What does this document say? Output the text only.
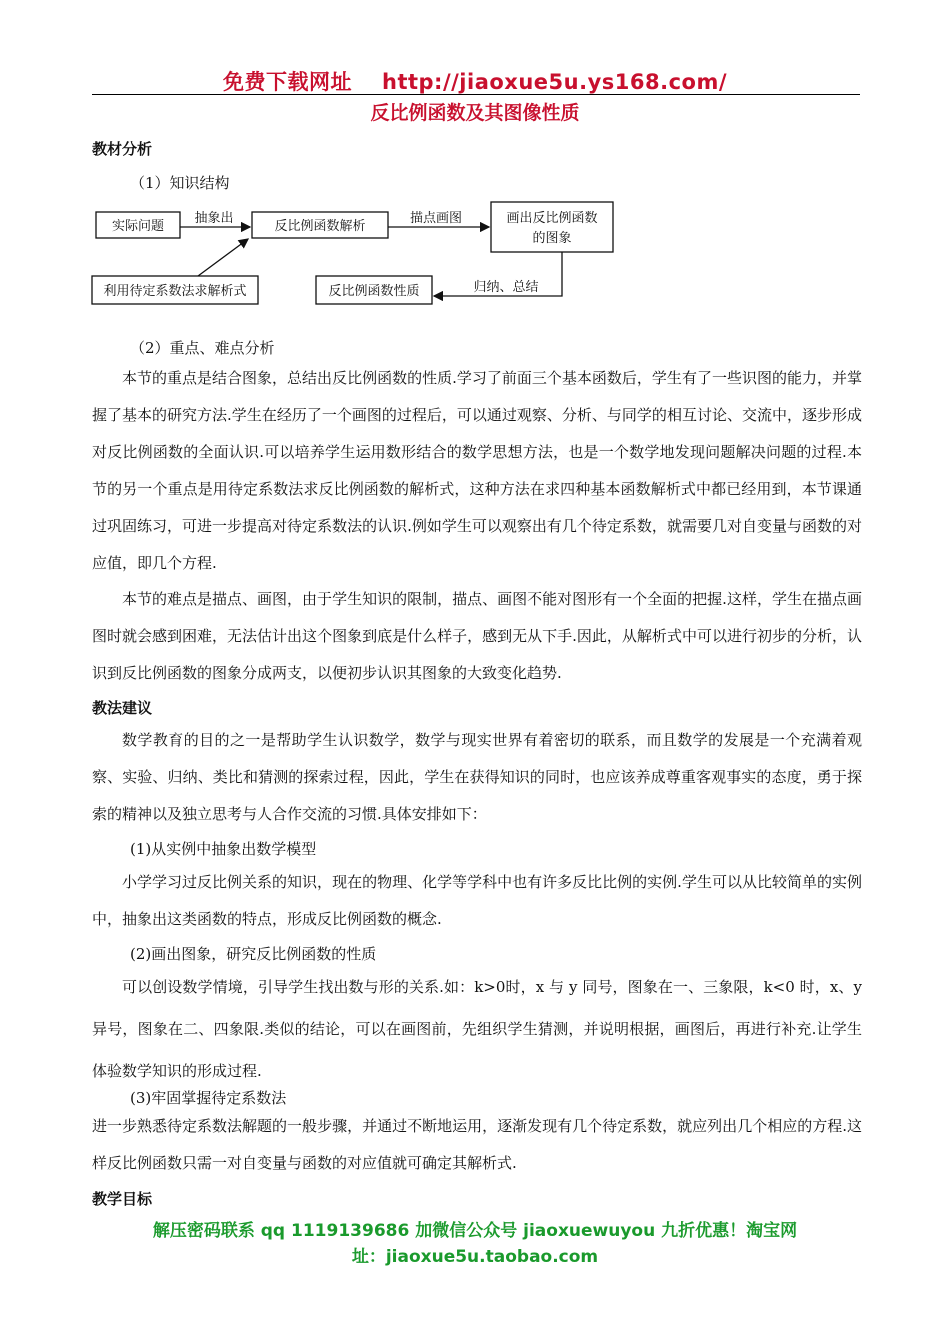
免费下载网址 http://jiaoxue5u.ys168.com/
反比例函数及其图像性质
教材分析
（1）知识结构
实际问题	反比例函数解析
画出反比例函数
的图象
利用待定系数法求解析式	反比例函数性质
抽象出	描点画图
归纳、总结
（2）重点、难点分析
本节的重点是结合图象，总结出反比例函数的性质.学习了前面三个基本函数后，学生有了一些识图的能力，并掌握了基本的研究方法.学生在经历了一个画图的过程后，可以通过观察、分析、与同学的相互讨论、交流中，逐步形成对反比例函数的全面认识.可以培养学生运用数形结合的数学思想方法，也是一个数学地发现问题解决问题的过程.本节的另一个重点是用待定系数法求反比例函数的解析式，这种方法在求四种基本函数解析式中都已经用到，本节课通过巩固练习，可进一步提高对待定系数法的认识.例如学生可以观察出有几个待定系数，就需要几对自变量与函数的对应值，即几个方程.
本节的难点是描点、画图，由于学生知识的限制，描点、画图不能对图形有一个全面的把握.这样，学生在描点画图时就会感到困难，无法估计出这个图象到底是什么样子，感到无从下手.因此，从解析式中可以进行初步的分析，认识到反比例函数的图象分成两支，以便初步认识其图象的大致变化趋势.
教法建议
数学教育的目的之一是帮助学生认识数学，数学与现实世界有着密切的联系，而且数学的发展是一个充满着观察、实验、归纳、类比和猜测的探索过程，因此，学生在获得知识的同时，也应该养成尊重客观事实的态度，勇于探索的精神以及独立思考与人合作交流的习惯.具体安排如下：
(1)从实例中抽象出数学模型
小学学习过反比例关系的知识，现在的物理、化学等学科中也有许多反比比例的实例.学生可以从比较简单的实例中，抽象出这类函数的特点，形成反比例函数的概念.
(2)画出图象，研究反比例函数的性质
可以创设数学情境，引导学生找出数与形的关系.如：k>0时，x 与 y 同号，图象在一、三象限，k<0 时，x、y 异号，图象在二、四象限.类似的结论，可以在画图前，先组织学生猜测，并说明根据，画图后，再进行补充.让学生体验数学知识的形成过程.
(3)牢固掌握待定系数法
进一步熟悉待定系数法解题的一般步骤，并通过不断地运用，逐渐发现有几个待定系数，就应列出几个相应的方程.这样反比例函数只需一对自变量与函数的对应值就可确定其解析式.
教学目标
解压密码联系 qq 1119139686 加微信公众号 jiaoxuewuyou 九折优惠！淘宝网
址：jiaoxue5u.taobao.com
